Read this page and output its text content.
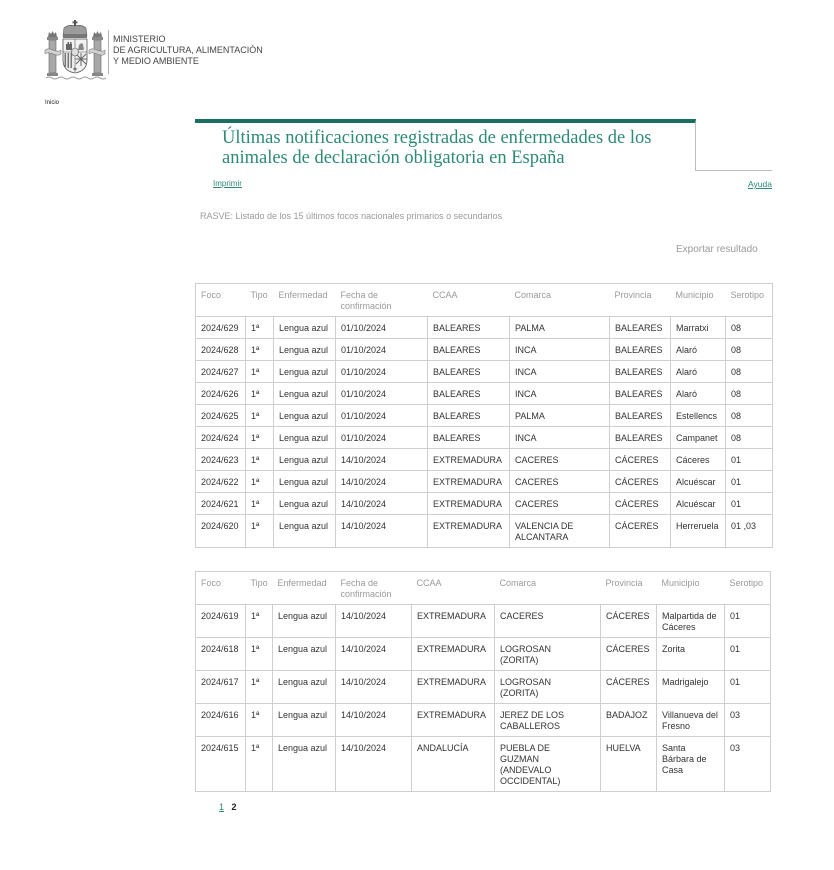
MINISTERIO
DE AGRICULTURA, ALIMENTACIÓN
Y MEDIO AMBIENTE
Inicio
Últimas notificaciones registradas de enfermedades de los animales de declaración obligatoria en España
Imprimir	Ayuda
RASVE: Listado de los 15 últimos focos nacionales primarios o secundarios
Exportar resultado
Foco	Tipo	Enfermedad	Fecha de confirmación	CCAA	Comarca	Provincia	Municipio	Serotipo
2024/629	1ª	Lengua azul	01/10/2024	BALEARES	PALMA	BALEARES	Marratxi	08
2024/628	1ª	Lengua azul	01/10/2024	BALEARES	INCA	BALEARES	Alaró	08
2024/627	1ª	Lengua azul	01/10/2024	BALEARES	INCA	BALEARES	Alaró	08
2024/626	1ª	Lengua azul	01/10/2024	BALEARES	INCA	BALEARES	Alaró	08
2024/625	1ª	Lengua azul	01/10/2024	BALEARES	PALMA	BALEARES	Estellencs	08
2024/624	1ª	Lengua azul	01/10/2024	BALEARES	INCA	BALEARES	Campanet	08
2024/623	1ª	Lengua azul	14/10/2024	EXTREMADURA	CACERES	CÁCERES	Cáceres	01
2024/622	1ª	Lengua azul	14/10/2024	EXTREMADURA	CACERES	CÁCERES	Alcuéscar	01
2024/621	1ª	Lengua azul	14/10/2024	EXTREMADURA	CACERES	CÁCERES	Alcuéscar	01
2024/620	1ª	Lengua azul	14/10/2024	EXTREMADURA	VALENCIA DE ALCANTARA	CÁCERES	Herreruela	01 ,03
Foco	Tipo	Enfermedad	Fecha de confirmación	CCAA	Comarca	Provincia	Municipio	Serotipo
2024/619	1ª	Lengua azul	14/10/2024	EXTREMADURA	CACERES	CÁCERES	Malpartida de Cáceres	01
2024/618	1ª	Lengua azul	14/10/2024	EXTREMADURA	LOGROSAN (ZORITA)	CÁCERES	Zorita	01
2024/617	1ª	Lengua azul	14/10/2024	EXTREMADURA	LOGROSAN (ZORITA)	CÁCERES	Madrigalejo	01
2024/616	1ª	Lengua azul	14/10/2024	EXTREMADURA	JEREZ DE LOS CABALLEROS	BADAJOZ	Villanueva del Fresno	03
2024/615	1ª	Lengua azul	14/10/2024	ANDALUCÍA	PUEBLA DE GUZMAN (ANDEVALO OCCIDENTAL)	HUELVA	Santa Bárbara de Casa	03
1 2
